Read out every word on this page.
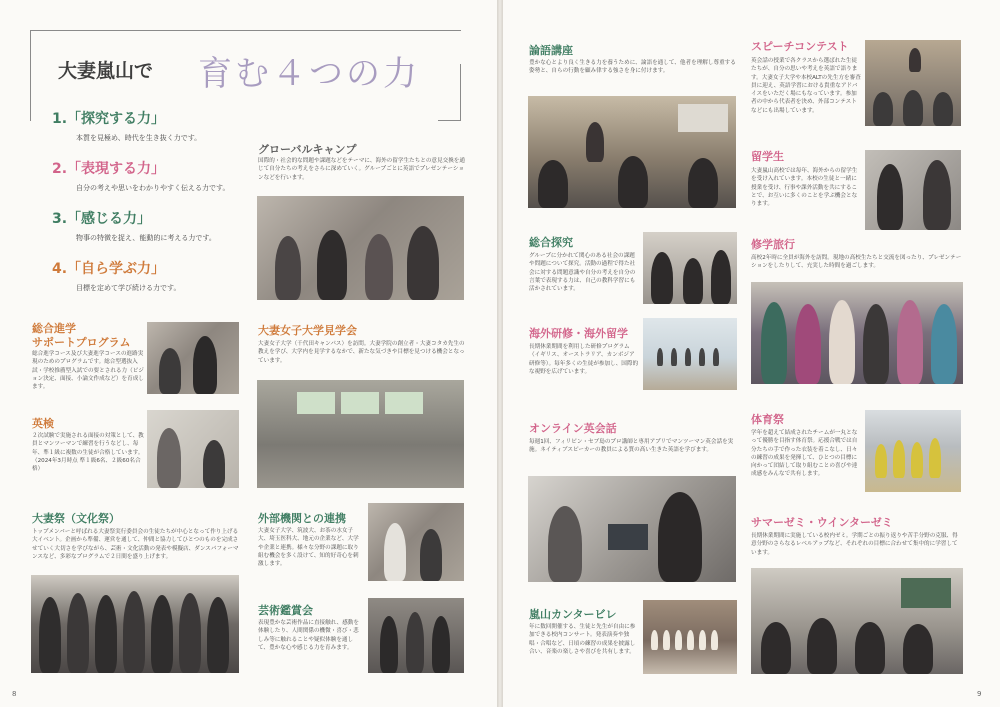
大妻嵐山で 育む４つの力
1.「探究する力」
本質を見極め、時代を生き抜く力です。
2.「表現する力」
自分の考えや思いをわかりやすく伝える力です。
3.「感じる力」
物事の特徴を捉え、能動的に考える力です。
4.「自ら学ぶ力」
目標を定めて学び続ける力です。
グローバルキャンプ
国際的・社会的な問題や課題などをテーマに、海外の留学生たちとの意見交換を通じて自分たちの考えをさらに深めていく。グループごとに英語でプレゼンテーションなどを行います。
総合進学
サポートプログラム
総合進学コース及び大妻進学コースの進路実現のためのプログラムです。総合型選抜入試・学校推薦型入試での要とされる力（ビジョン決定、面接、小論文作成など）を育成します。
英検
２次試験で実施される面接の対策として、教員とマンツーマンで練習を行うなどし、毎年、準１級に複数の生徒が合格しています。（2024年3月時点 準１級6名、２級60名合格）
大妻女子大学見学会
大妻女子大学（千代田キャンパス）を訪問。大妻学院の創立者・大妻コタカ先生の教えを学び、大学内を見学するなかで、新たな気づきや目標を見つける機会となっています。
大妻祭（文化祭）
トップメンバーと呼ばれる大妻祭実行委員会の生徒たちが中心となって作り上げる大イベント。企画から準備、運営を通して、仲間と協力してひとつのものを完成させていく大切さを学びながら、芸術・文化活動の発表や模擬店、ダンスパフォーマンスなど、多彩なプログラムで２日間を盛り上げます。
外部機関との連携
大妻女子大学、筑波大、お茶の水女子大、埼玉医科大、地元の企業など、大学や企業と連携。様々な分野の課題に取り組む機会を多く設けて、知的好奇心を刺激します。
芸術鑑賞会
表現豊かな芸術作品に直接触れ、感動を体験したり、人間関係の機微・喜び・悲しみ等に触れることや疑似体験を通して、豊かな心や感じる力を育みます。
8
論語講座
豊かな心とより良く生きる力を養うために、論語を通して、他者を理解し尊重する姿勢と、自らの行動を顧み律する強さを身に付けます。
スピーチコンテスト
英会話の授業で各クラスから選ばれた生徒たちが、自分の思いや考えを英語で語ります。大妻女子大学や本校ALTの先生方を審査員に迎え、英語学習における貴重なアドバイスをいただく場にもなっています。参加者の中から代表者を決め、外部コンテストなどにも出場しています。
留学生
大妻嵐山高校では毎年、海外からの留学生を受け入れています。本校の生徒と一緒に授業を受け、行事や課外活動を共にすることで、お互いに多くのことを学ぶ機会となります。
総合探究
グループに分かれて関心のある社会の課題や問題について探究。活動の過程で得た社会に対する問題意識や自分の考えを自分の言葉で表現する力は、自己の教科学習にも活かされています。
修学旅行
高校2年時に全員が海外を訪問。現地の高校生たちと交流を図ったり、プレゼンテーションをしたりして、充実した時間を過ごします。
海外研修・海外留学
長期休業期間を利用した研修プログラム（イギリス、オーストラリア、カンボジア研修等）。毎年多くの生徒が参加し、国際的な視野を広げています。
オンライン英会話
毎週1回、フィリピン・セブ島のプロ講師と専用アプリでマンツーマン英会話を実施。ネイティブスピーカーの教員による質の高い生きた英語を学びます。
体育祭
学年を超えて結成されたチームが一丸となって優勝を目指す体育祭。応援合戦では自分たちの手で作った衣装を着こなし、日々の練習の成果を発揮して、ひとつの目標に向かって団結して取り組むことの喜びや達成感をみんなで共有します。
サマーゼミ・ウインターゼミ
長期休業期間に実施している校内ゼミ。学期ごとの振り返りや苦手分野の克服、得意分野のさらなるレベルアップなど、それぞれの目標に合わせて集中的に学習しています。
嵐山カンタービレ
年に数回開催する、生徒と先生が自由に参加できる校内コンサート。発表演奏や独唱・合唱など、日頃の練習の成果を披露し合い、音楽の楽しさや喜びを共有します。
9
